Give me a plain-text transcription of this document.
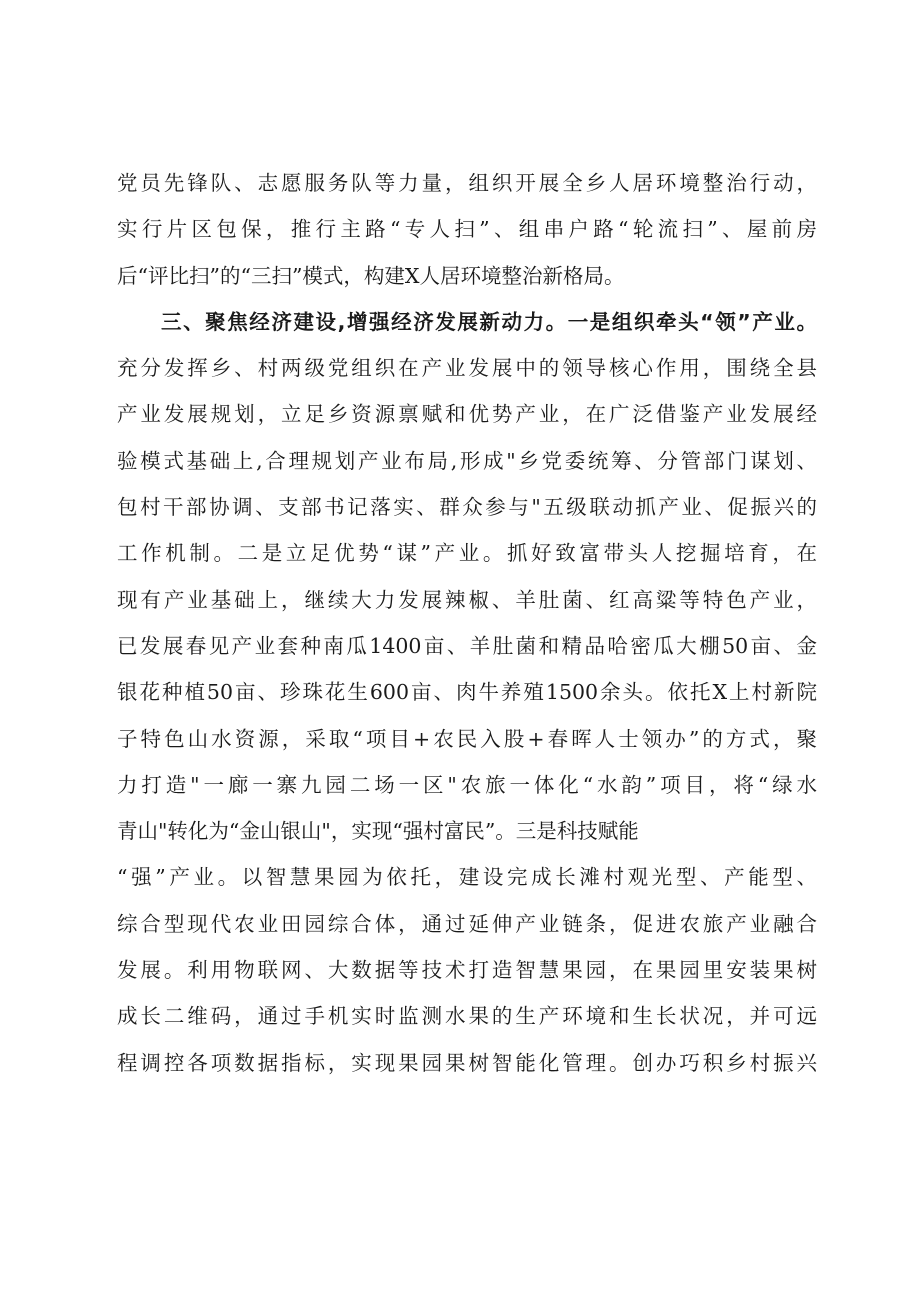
党员先锋队、志愿服务队等力量，组织开展全乡人居环境整治行动，
实行片区包保，推行主路“专人扫”、组串户路“轮流扫”、屋前房
后“评比扫”的“三扫”模式，构建X人居环境整治新格局。
三、聚焦经济建设,增强经济发展新动力。一是组织牵头“领”产业。
充分发挥乡、村两级党组织在产业发展中的领导核心作用，围绕全县
产业发展规划，立足乡资源禀赋和优势产业，在广泛借鉴产业发展经
验模式基础上,合理规划产业布局,形成"乡党委统筹、分管部门谋划、
包村干部协调、支部书记落实、群众参与"五级联动抓产业、促振兴的
工作机制。二是立足优势“谋”产业。抓好致富带头人挖掘培育，在
现有产业基础上，继续大力发展辣椒、羊肚菌、红高粱等特色产业，
已发展春见产业套种南瓜1400亩、羊肚菌和精品哈密瓜大棚50亩、金
银花种植50亩、珍珠花生600亩、肉牛养殖1500余头。依托X上村新院
子特色山水资源，采取“项目+农民入股+春晖人士领办”的方式，聚
力打造"一廊一寨九园二场一区"农旅一体化“水韵”项目，将“绿水
青山"转化为“金山银山"，实现“强村富民”。三是科技赋能
“强”产业。以智慧果园为依托，建设完成长滩村观光型、产能型、
综合型现代农业田园综合体，通过延伸产业链条，促进农旅产业融合
发展。利用物联网、大数据等技术打造智慧果园，在果园里安装果树
成长二维码，通过手机实时监测水果的生产环境和生长状况，并可远
程调控各项数据指标，实现果园果树智能化管理。创办巧积乡村振兴
